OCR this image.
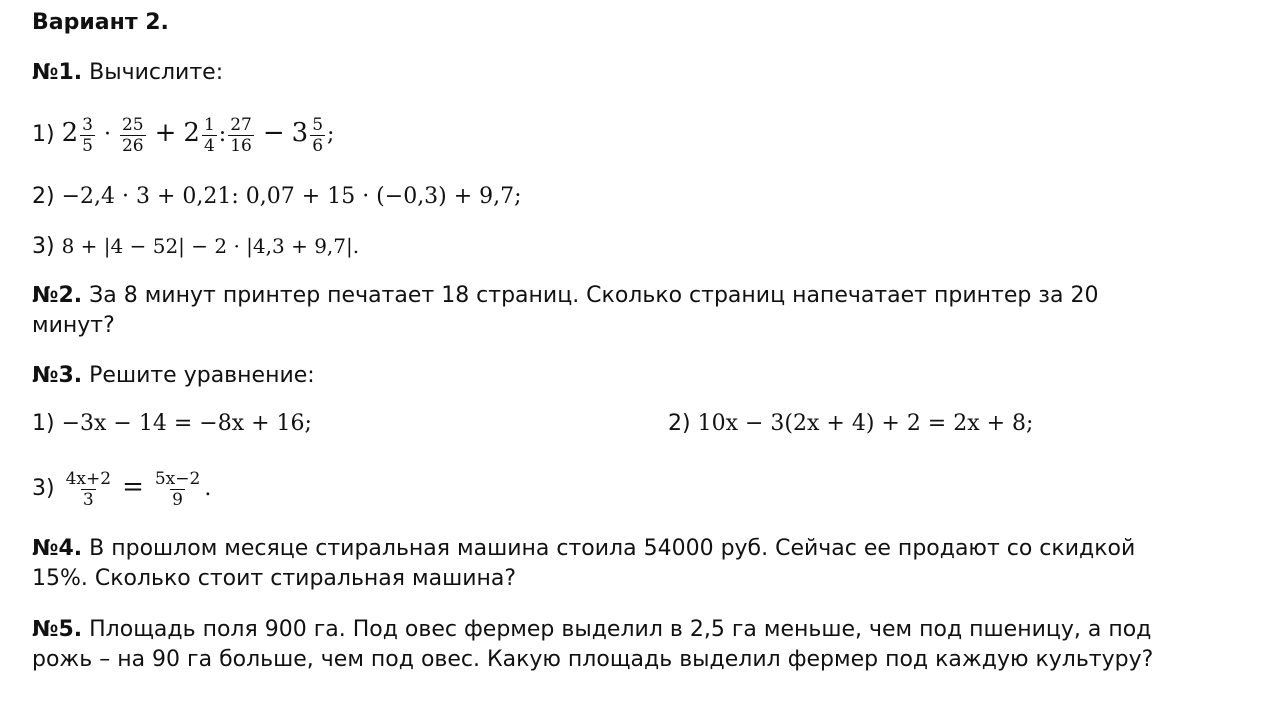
Вариант 2.
№1. Вычислите:
1) $2 \frac{3}{5} \cdot \frac{25}{26} + 2 \frac{1}{4}$ : $\frac{27}{16} - 3 \frac{5}{6}$ ;
2) −2,4 · 3 + 0,21: 0,07 + 15 · (−0,3) + 9,7;
3) 8 + |4 − 52| − 2 · |4,3 + 9,7|.
№2. За 8 минут принтер печатает 18 страниц. Сколько страниц напечатает принтер за 20
минут?
№3. Решите уравнение:
1) −3x − 14 = −8x + 16;	2) 10x − 3(2x + 4) + 2 = 2x + 8;
$3) \frac{4x+2}{3} = \frac{5x-2}{9}$ .
№4. В прошлом месяце стиральная машина стоила 54000 руб. Сейчас ее продают со скидкой
15%. Сколько стоит стиральная машина?
№5. Площадь поля 900 га. Под овес фермер выделил в 2,5 га меньше, чем под пшеницу, а под
рожь – на 90 га больше, чем под овес. Какую площадь выделил фермер под каждую культуру?
